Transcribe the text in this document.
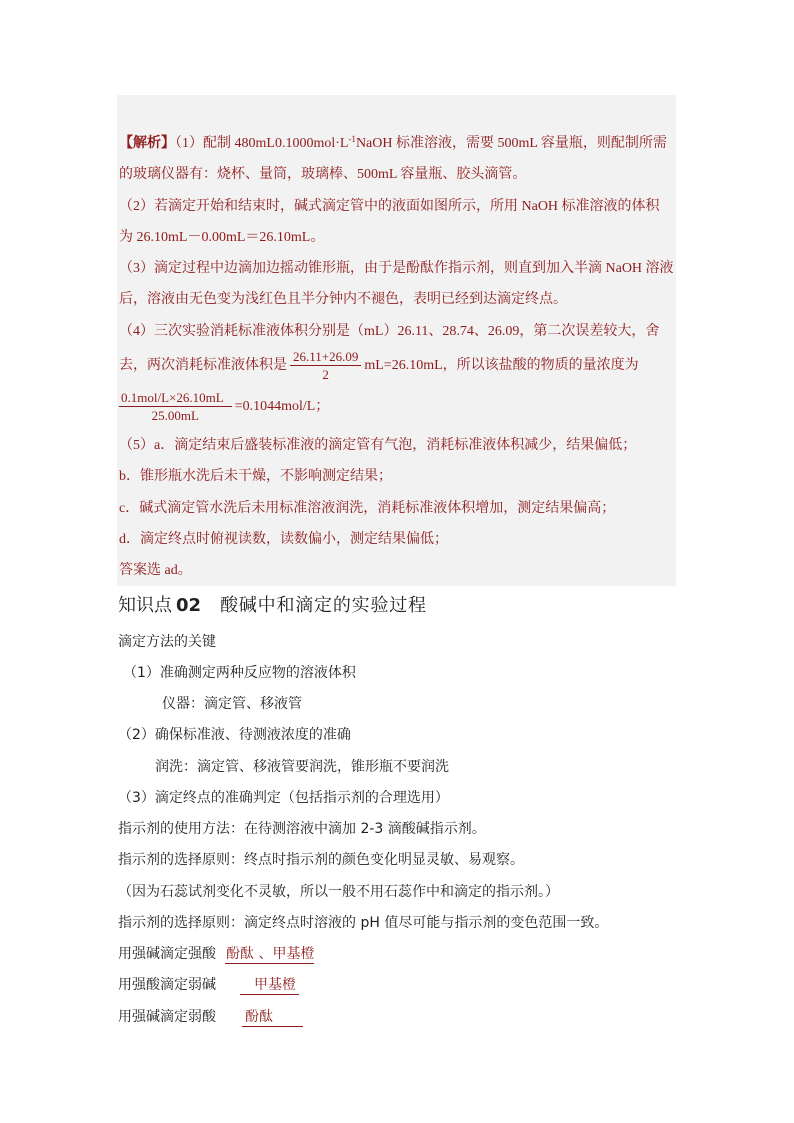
【解析】（1）配制 $480mL0.1000mol\cdot L^{-1}NaOH$ 标准溶液，需要 500mL 容量瓶，则配制所需
的玻璃仪器有：烧杯、量筒，玻璃棒、500mL 容量瓶、胶头滴管。
（2）若滴定开始和结束时，碱式滴定管中的液面如图所示，所用 NaOH 标准溶液的体积
为 26.10mL－0.00mL＝26.10mL。
（3）滴定过程中边滴加边摇动锥形瓶，由于是酚酞作指示剂，则直到加入半滴 NaOH 溶液
后，溶液由无色变为浅红色且半分钟内不褪色，表明已经到达滴定终点。
（4）三次实验消耗标准液体积分别是（mL）26.11、28.74、26.09，第二次误差较大，舍
去，两次消耗标准液体积是 $\frac{26.11+26.09}{2} mL=26.10mL$，所以该盐酸的物质的量浓度为
$\frac{\text{0.1mol/L×26.10mL}}{25.00mL} =0.1044mol/L$；
（5）a．滴定结束后盛装标准液的滴定管有气泡，消耗标准液体积减少，结果偏低；
b．锥形瓶水洗后未干燥，不影响测定结果；
c．碱式滴定管水洗后未用标准溶液润洗，消耗标准液体积增加，测定结果偏高；
d．滴定终点时俯视读数，读数偏小，测定结果偏低；
答案选 ad。
知识点 02 酸碱中和滴定的实验过程
滴定方法的关键
（1）准确测定两种反应物的溶液体积
仪器：滴定管、移液管
（2）确保标准液、待测液浓度的准确
润洗：滴定管、移液管要润洗，锥形瓶不要润洗
（3）滴定终点的准确判定（包括指示剂的合理选用）
指示剂的使用方法：在待测溶液中滴加 2-3 滴酸碱指示剂。
指示剂的选择原则：终点时指示剂的颜色变化明显灵敏、易观察。
（因为石蕊试剂变化不灵敏，所以一般不用石蕊作中和滴定的指示剂。）
指示剂的选择原则：滴定终点时溶液的 pH 值尽可能与指示剂的变色范围一致。
用强碱滴定强酸 酚酞 、甲基橙
用强酸滴定弱碱	甲基橙
用强碱滴定弱酸 酚酞
